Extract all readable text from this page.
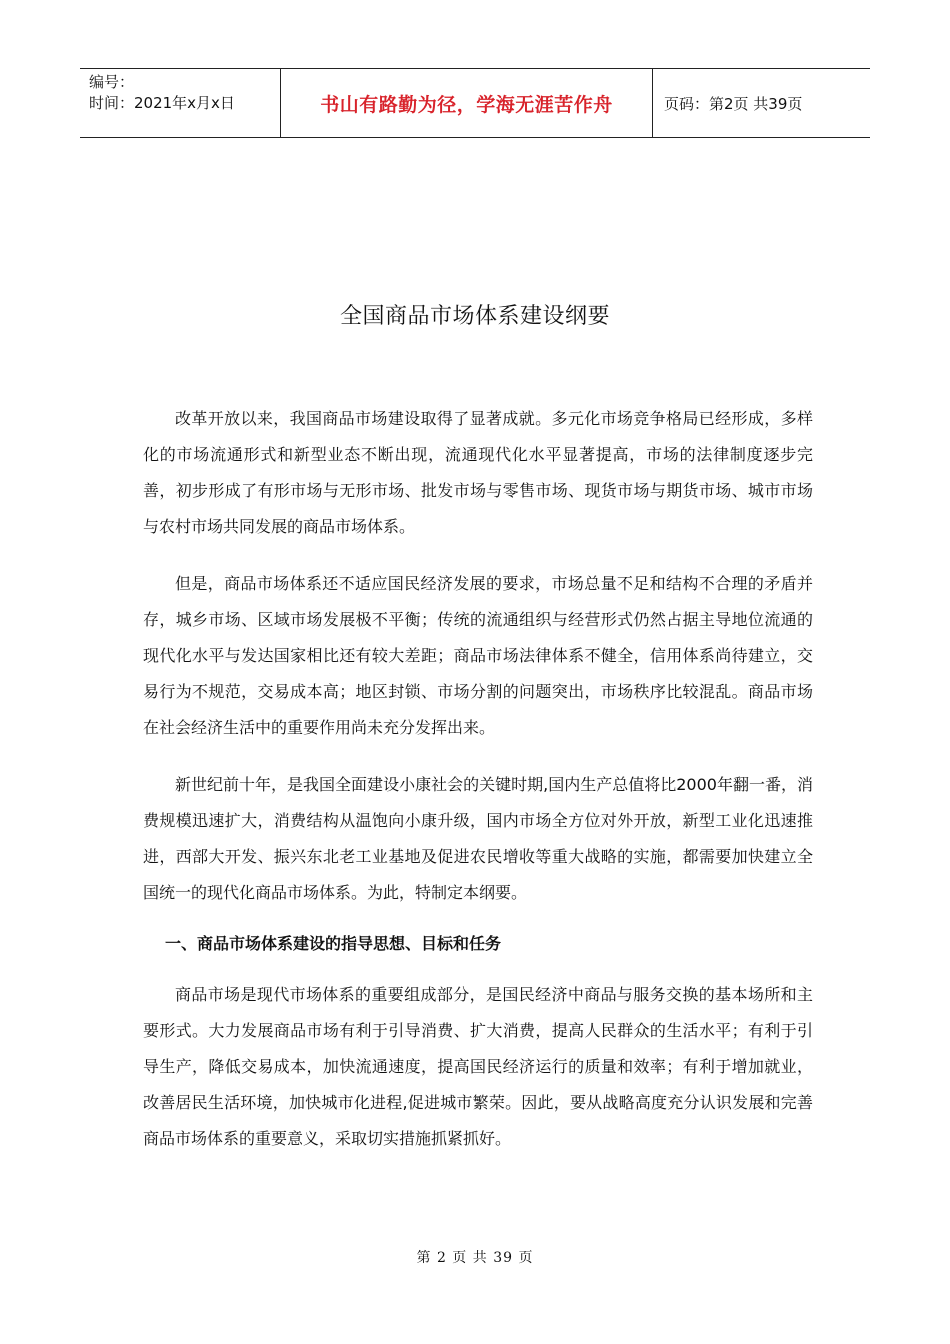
编号：
时间：2021年x月x日	书山有路勤为径，学海无涯苦作舟	页码：第2页 共39页
全国商品市场体系建设纲要

改革开放以来，我国商品市场建设取得了显著成就。多元化市场竞争格局已经形成，多样化的市场流通形式和新型业态不断出现，流通现代化水平显著提高，市场的法律制度逐步完善，初步形成了有形市场与无形市场、批发市场与零售市场、现货市场与期货市场、城市市场与农村市场共同发展的商品市场体系。

但是，商品市场体系还不适应国民经济发展的要求，市场总量不足和结构不合理的矛盾并存，城乡市场、区域市场发展极不平衡；传统的流通组织与经营形式仍然占据主导地位流通的现代化水平与发达国家相比还有较大差距；商品市场法律体系不健全，信用体系尚待建立，交易行为不规范，交易成本高；地区封锁、市场分割的问题突出，市场秩序比较混乱。商品市场在社会经济生活中的重要作用尚未充分发挥出来。

新世纪前十年，是我国全面建设小康社会的关键时期,国内生产总值将比2000年翻一番，消费规模迅速扩大，消费结构从温饱向小康升级，国内市场全方位对外开放，新型工业化迅速推进，西部大开发、振兴东北老工业基地及促进农民增收等重大战略的实施，都需要加快建立全国统一的现代化商品市场体系。为此，特制定本纲要。

一、商品市场体系建设的指导思想、目标和任务

商品市场是现代市场体系的重要组成部分，是国民经济中商品与服务交换的基本场所和主要形式。大力发展商品市场有利于引导消费、扩大消费，提高人民群众的生活水平；有利于引导生产，降低交易成本，加快流通速度，提高国民经济运行的质量和效率；有利于增加就业，改善居民生活环境，加快城市化进程,促进城市繁荣。因此，要从战略高度充分认识发展和完善商品市场体系的重要意义，采取切实措施抓紧抓好。

第 2 页 共 39 页
